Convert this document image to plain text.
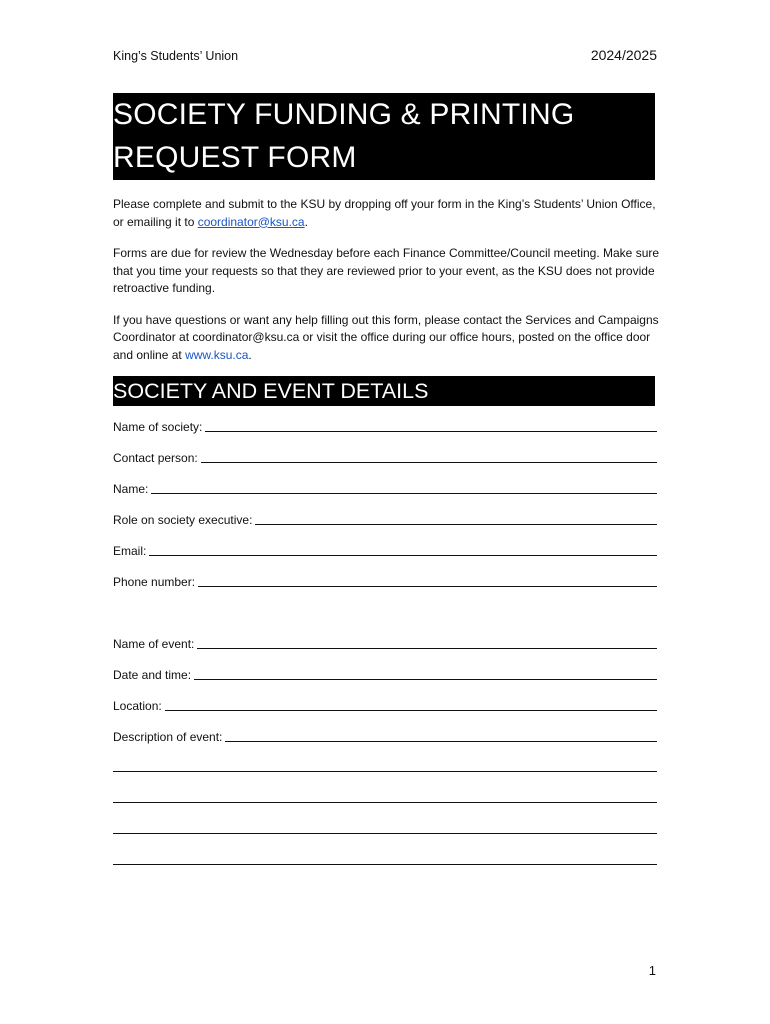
King’s Students’ Union	2024/2025
SOCIETY FUNDING & PRINTING
REQUEST FORM

Please complete and submit to the KSU by dropping off your form in the King’s Students’ Union Office, or emailing it to coordinator@ksu.ca.

Forms are due for review the Wednesday before each Finance Committee/Council meeting. Make sure that you time your requests so that they are reviewed prior to your event, as the KSU does not provide retroactive funding.

If you have questions or want any help filling out this form, please contact the Services and Campaigns Coordinator at coordinator@ksu.ca or visit the office during our office hours, posted on the office door and online at www.ksu.ca.

SOCIETY AND EVENT DETAILS
Name of society:
Contact person:
Name:
Role on society executive:
Email:
Phone number:
Name of event:
Date and time:
Location:
Description of event:
1
